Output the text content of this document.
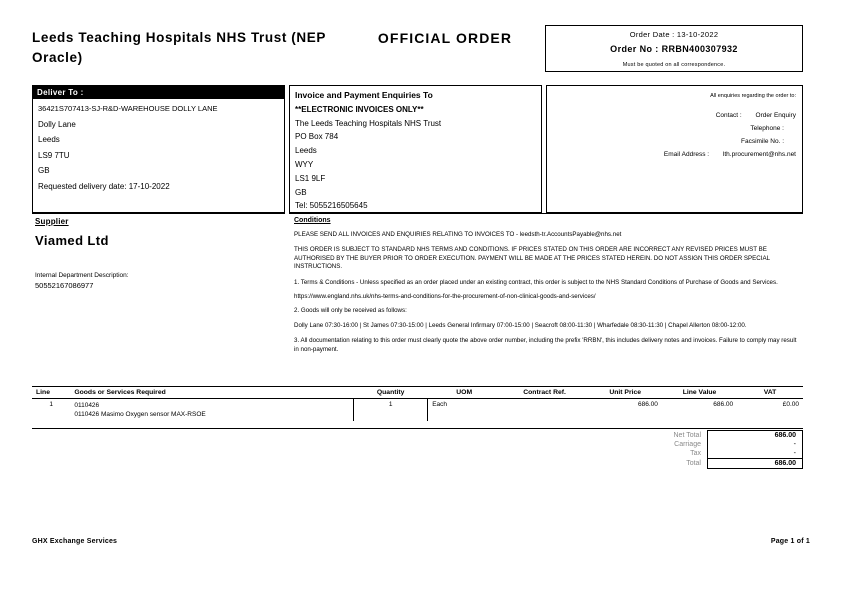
Leeds Teaching Hospitals NHS Trust (NEP Oracle)
OFFICIAL ORDER	Order Date : 13-10-2022
Order No : RRBN400307932
Must be quoted on all correspondence.
Deliver To :
36421S707413-SJ-R&D-WAREHOUSE DOLLY LANE
Dolly Lane
Leeds
LS9 7TU
GB
Requested delivery date: 17-10-2022
Invoice and Payment Enquiries To
**ELECTRONIC INVOICES ONLY**
The Leeds Teaching Hospitals NHS Trust
PO Box 784
Leeds
WYY
LS1 9LF
GB
Tel: 5055216505645
All enquiries regarding the order to:
Contact : Order Enquiry
Telephone :
Facsimile No. :
Email Address : lth.procurement@nhs.net
Supplier
Viamed Ltd
Internal Department Description:
50552167086977
Conditions
PLEASE SEND ALL INVOICES AND ENQUIRIES RELATING TO INVOICES TO - leedsth-tr.AccountsPayable@nhs.net
THIS ORDER IS SUBJECT TO STANDARD NHS TERMS AND CONDITIONS. IF PRICES STATED ON THIS ORDER ARE INCORRECT ANY REVISED PRICES MUST BE AUTHORISED BY THE BUYER PRIOR TO ORDER EXECUTION. PAYMENT WILL BE MADE AT THE PRICES STATED HEREIN. DO NOT ASSIGN THIS ORDER SPECIAL INSTRUCTIONS.
1. Terms & Conditions - Unless specified as an order placed under an existing contract, this order is subject to the NHS Standard Conditions of Purchase of Goods and Services.
https://www.england.nhs.uk/nhs-terms-and-conditions-for-the-procurement-of-non-clinical-goods-and-services/
2. Goods will only be received as follows:
Dolly Lane 07:30-16:00 | St James 07:30-15:00 | Leeds General Infirmary 07:00-15:00 | Seacroft 08:00-11:30 | Wharfedale 08:30-11:30 | Chapel Allerton 08:00-12:00.
3. All documentation relating to this order must clearly quote the above order number, including the prefix 'RRBN', this includes delivery notes and invoices. Failure to comply may result in non-payment.
Line	Goods or Services Required	Quantity	UOM	Contract Ref.	Unit Price	Line Value	VAT
1	0110426
0110426 Masimo Oxygen sensor MAX-RSOE	1	Each		686.00	686.00	£0.00
Net Total	686.00
Carriage	-
Tax	-
Total	686.00
GHX Exchange Services	Page 1 of 1
